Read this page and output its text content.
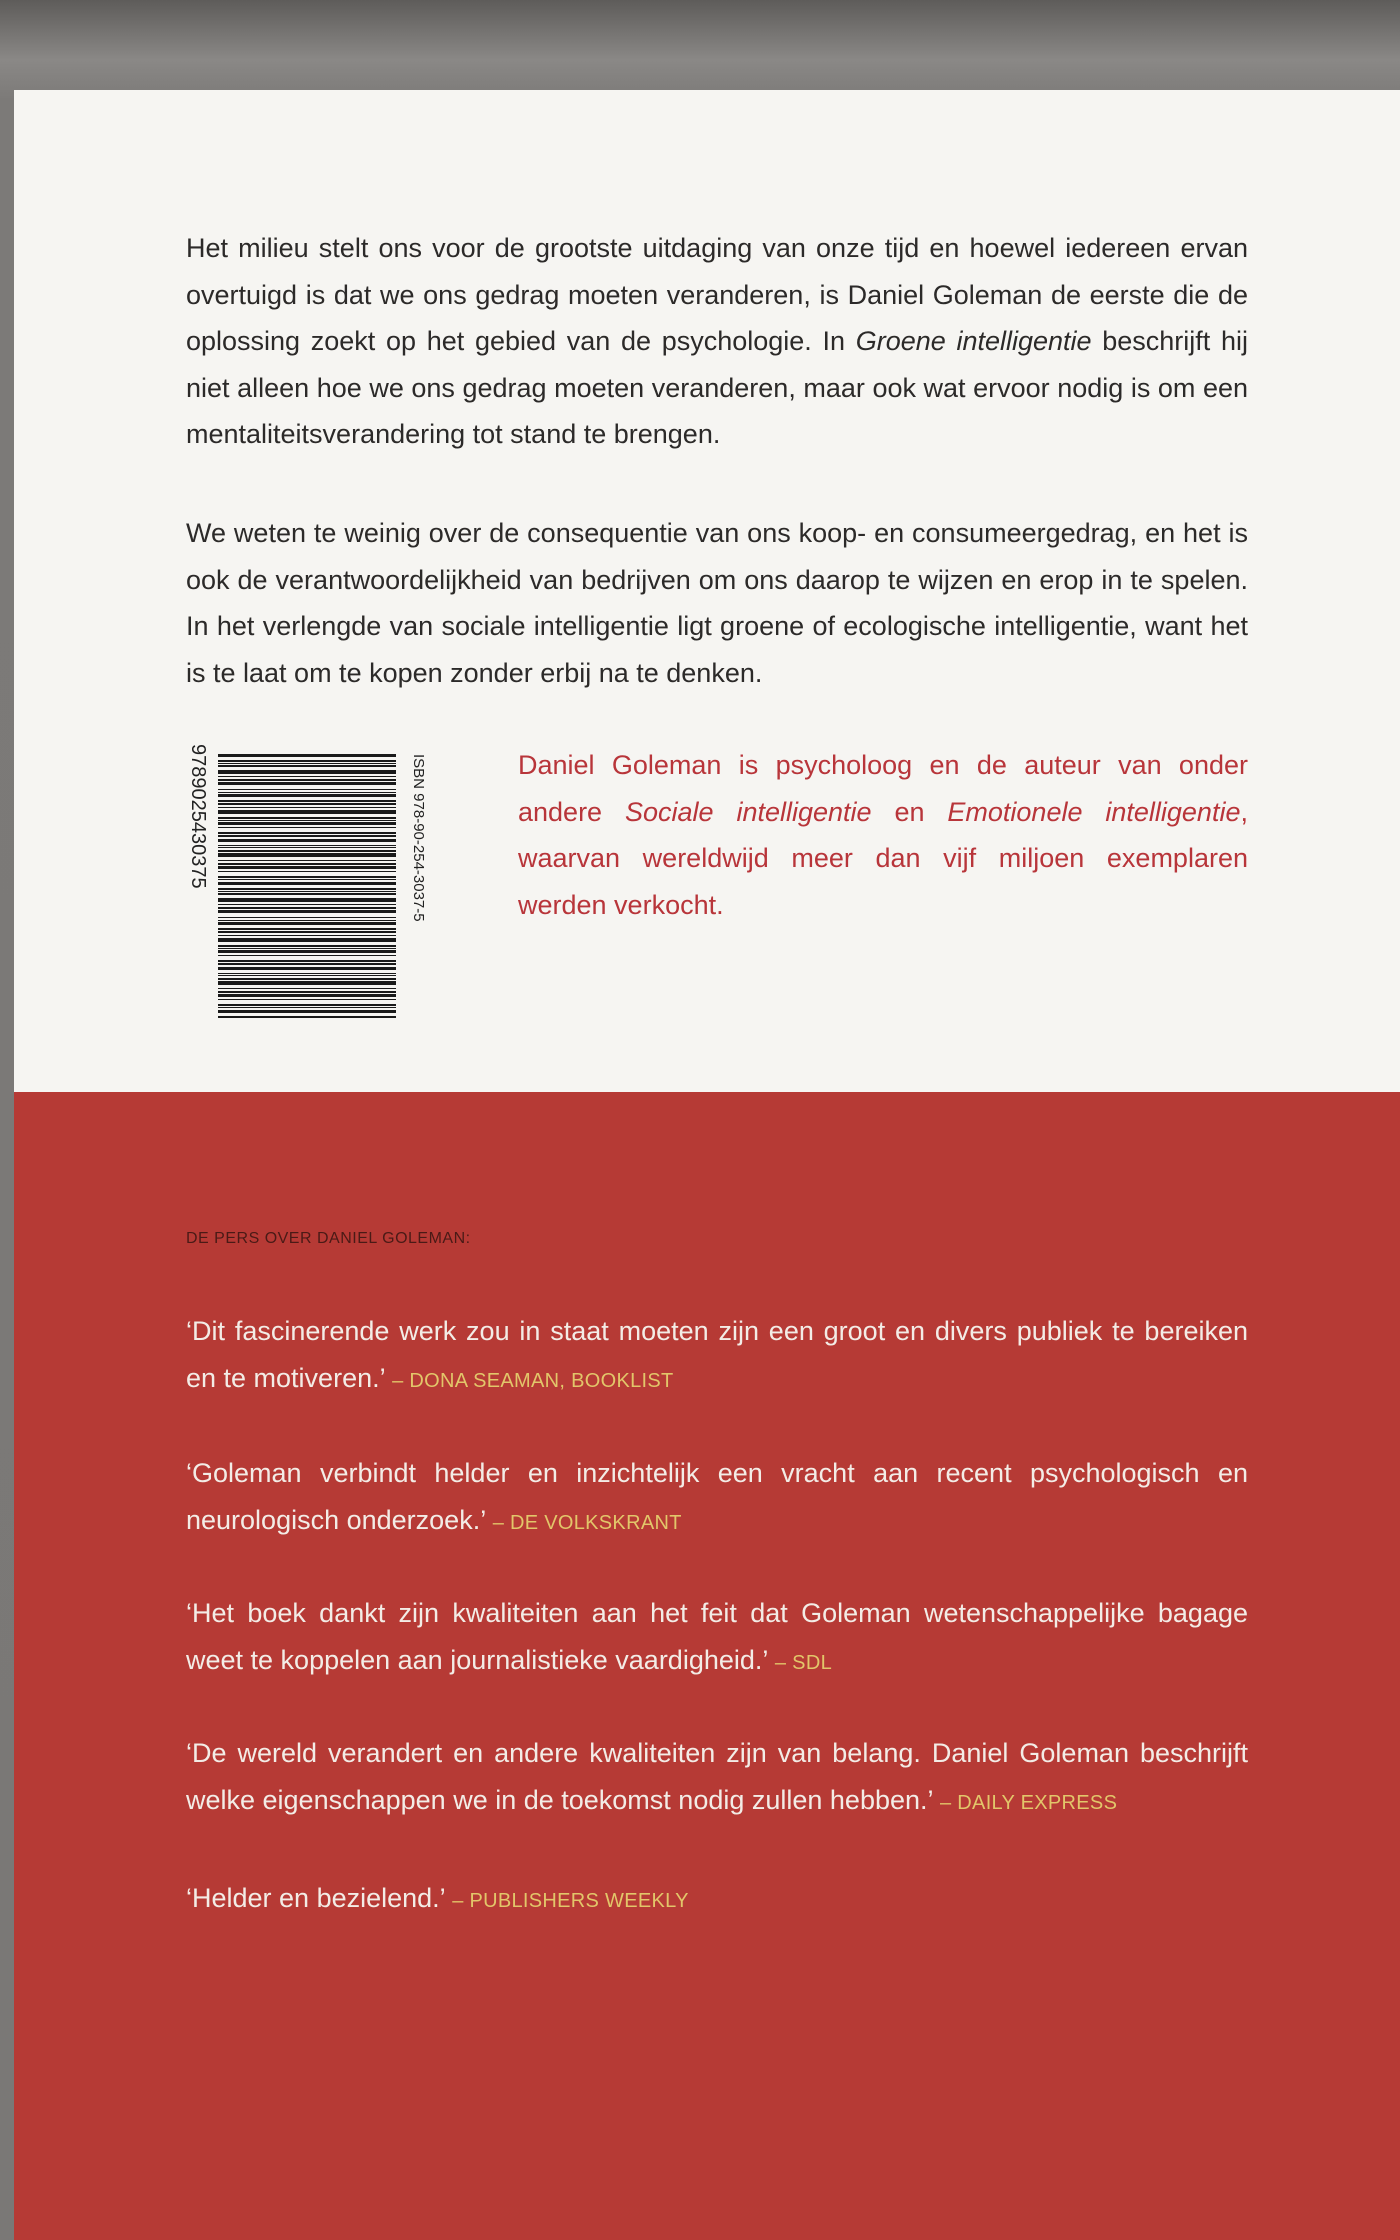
Het milieu stelt ons voor de grootste uitdaging van onze tijd en hoewel iedereen ervan overtuigd is dat we ons gedrag moeten veranderen, is Daniel Goleman de eerste die de oplossing zoekt op het gebied van de psychologie. In Groene intelligentie beschrijft hij niet alleen hoe we ons gedrag moeten veranderen, maar ook wat ervoor nodig is om een mentaliteitsverandering tot stand te brengen.

We weten te weinig over de consequentie van ons koop- en consumeergedrag, en het is ook de verantwoordelijkheid van bedrijven om ons daarop te wijzen en erop in te spelen. In het verlengde van sociale intelligentie ligt groene of ecologische intelligentie, want het is te laat om te kopen zonder erbij na te denken.

9789025430375	ISBN 978-90-254-3037-5	Daniel Goleman is psycholoog en de auteur van onder andere Sociale intelligentie en Emotionele intelligentie, waarvan wereldwijd meer dan vijf miljoen exemplaren werden verkocht.

DE PERS OVER DANIEL GOLEMAN:

‘Dit fascinerende werk zou in staat moeten zijn een groot en divers publiek te bereiken en te motiveren.’ – DONA SEAMAN, BOOKLIST

‘Goleman verbindt helder en inzichtelijk een vracht aan recent psychologisch en neurologisch onderzoek.’ – DE VOLKSKRANT

‘Het boek dankt zijn kwaliteiten aan het feit dat Goleman wetenschappelijke bagage weet te koppelen aan journalistieke vaardigheid.’ – SDL

‘De wereld verandert en andere kwaliteiten zijn van belang. Daniel Goleman beschrijft welke eigenschappen we in de toekomst nodig zullen hebben.’ – DAILY EXPRESS

‘Helder en bezielend.’ – PUBLISHERS WEEKLY
